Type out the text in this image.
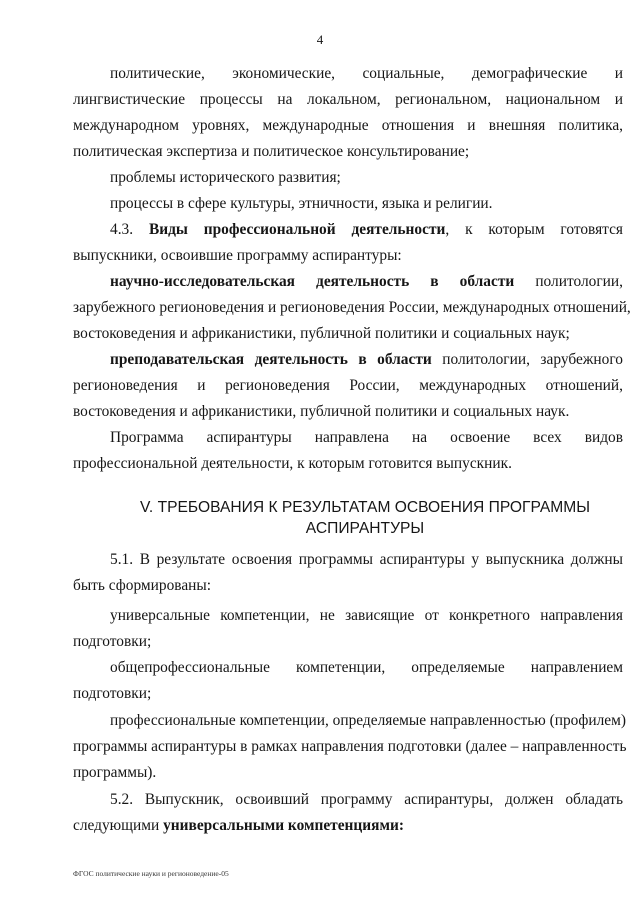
4
политические, экономические, социальные, демографические и
лингвистические процессы на локальном, региональном, национальном и
международном уровнях, международные отношения и внешняя политика,
политическая экспертиза и политическое консультирование;
проблемы исторического развития;
процессы в сфере культуры, этничности, языка и религии.
4.3. Виды профессиональной деятельности, к которым готовятся
выпускники, освоившие программу аспирантуры:
научно-исследовательская деятельность в области политологии,
зарубежного регионоведения и регионоведения России, международных отношений,
востоковедения и африканистики, публичной политики и социальных наук;
преподавательская деятельность в области политологии, зарубежного
регионоведения и регионоведения России, международных отношений,
востоковедения и африканистики, публичной политики и социальных наук.
Программа аспирантуры направлена на освоение всех видов
профессиональной деятельности, к которым готовится выпускник.
V. ТРЕБОВАНИЯ К РЕЗУЛЬТАТАМ ОСВОЕНИЯ ПРОГРАММЫ
АСПИРАНТУРЫ
5.1. В результате освоения программы аспирантуры у выпускника должны
быть сформированы:
универсальные компетенции, не зависящие от конкретного направления
подготовки;
общепрофессиональные компетенции, определяемые направлением
подготовки;
профессиональные компетенции, определяемые направленностью (профилем)
программы аспирантуры в рамках направления подготовки (далее – направленность
программы).
5.2. Выпускник, освоивший программу аспирантуры, должен обладать
следующими универсальными компетенциями:
ФГОС политические науки и регионоведение-05
